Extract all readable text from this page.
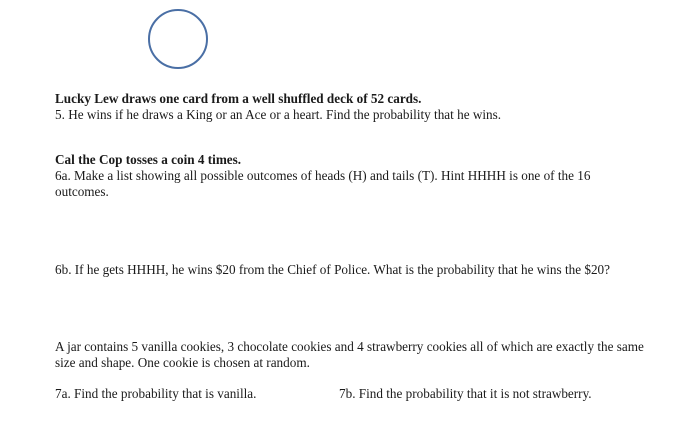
Lucky Lew draws one card from a well shuffled deck of 52 cards.
5. He wins if he draws a King or an Ace or a heart. Find the probability that he wins.
Cal the Cop tosses a coin 4 times.
6a. Make a list showing all possible outcomes of heads (H) and tails (T). Hint HHHH is one of the 16 outcomes.
6b. If he gets HHHH, he wins $20 from the Chief of Police. What is the probability that he wins the $20?
A jar contains 5 vanilla cookies, 3 chocolate cookies and 4 strawberry cookies all of which are exactly the same size and shape. One cookie is chosen at random.
7a. Find the probability that is vanilla.	7b. Find the probability that it is not strawberry.
